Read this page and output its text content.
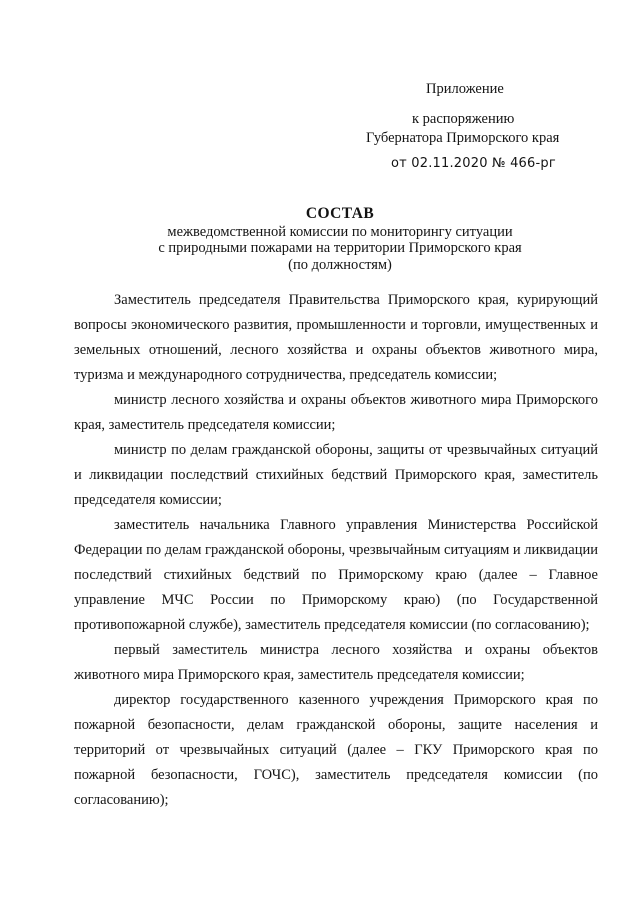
Приложение
к распоряжению
Губернатора Приморского края
от 02.11.2020 № 466-рг
СОСТАВ
межведомственной комиссии по мониторингу ситуации
с природными пожарами на территории Приморского края
(по должностям)

Заместитель председателя Правительства Приморского края, курирующий вопросы экономического развития, промышленности и торговли, имущественных и земельных отношений, лесного хозяйства и охраны объектов животного мира, туризма и международного сотрудничества, председатель комиссии;

министр лесного хозяйства и охраны объектов животного мира Приморского края, заместитель председателя комиссии;

министр по делам гражданской обороны, защиты от чрезвычайных ситуаций и ликвидации последствий стихийных бедствий Приморского края, заместитель председателя комиссии;

заместитель начальника Главного управления Министерства Российской Федерации по делам гражданской обороны, чрезвычайным ситуациям и ликвидации последствий стихийных бедствий по Приморскому краю (далее – Главное управление МЧС России по Приморскому краю) (по Государственной противопожарной службе), заместитель председателя комиссии (по согласованию);

первый заместитель министра лесного хозяйства и охраны объектов животного мира Приморского края, заместитель председателя комиссии;

директор государственного казенного учреждения Приморского края по пожарной безопасности, делам гражданской обороны, защите населения и территорий от чрезвычайных ситуаций (далее – ГКУ Приморского края по пожарной безопасности, ГОЧС), заместитель председателя комиссии (по согласованию);
